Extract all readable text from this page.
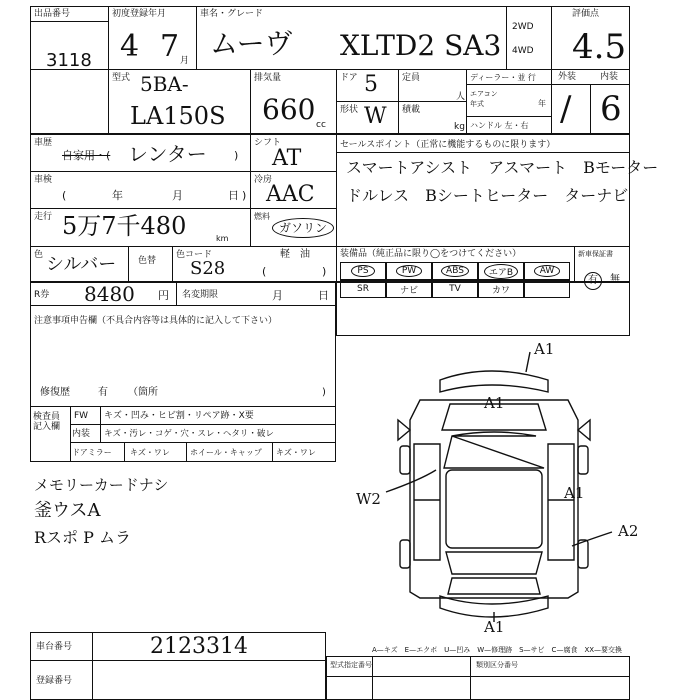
出品番号
3118
初度登録年月
4 7 月
車名・グレード
ムーヴ XLTD2 SA3
2WD
4WD
評価点
4.5
型式 5BA-
LA150S
排気量
660 cc
ドア 5
形状 W
定員
人
積載
kg
ディーラー・並 行
エアコン
年式	年
ハンドル 左・右
外装	内装
/ 6
車歴
自家用・( レンター )
車検
(	年	月	日 )
シフト
AT
冷房
AAC
走行 5万7千480	km
燃料
ガソリン
軽　油
(	)
セールスポイント（正常に機能するものに限ります）
スマートアシスト　アスマート　Bモーター
ドルレス　Bシートヒーター　ターナビ
色 シルバー 色替
色コード
S28
装備品（純正品に限り◯をつけてください）	新車保証書
有	無
PS	PW	ABS	エアB	AW
SR	ナビ	TV	カワ
R券 8480 円 名変期限	月	日
注意事項申告欄（不具合内容等は具体的に記入して下さい）
修復歴	有 （箇所	)
検査員記入欄
FW キズ・凹み・ヒビ割・リペア跡・X要
内装 キズ・汚レ・コゲ・穴・スレ・ヘタリ・破レ
ドアミラー キズ・ワレ	ホイール・キャップ キズ・ワレ
メモリーカードナシ
釜ウスA
Rスポ P ムラ
A1
A1
A1
W2
A2
A1
車台番号	2123314
登録番号
A—キズ　E—エクボ　U—凹み　W—修理跡　S—サビ　C—腐食　XX—要交換
型式指定番号	類別区分番号
